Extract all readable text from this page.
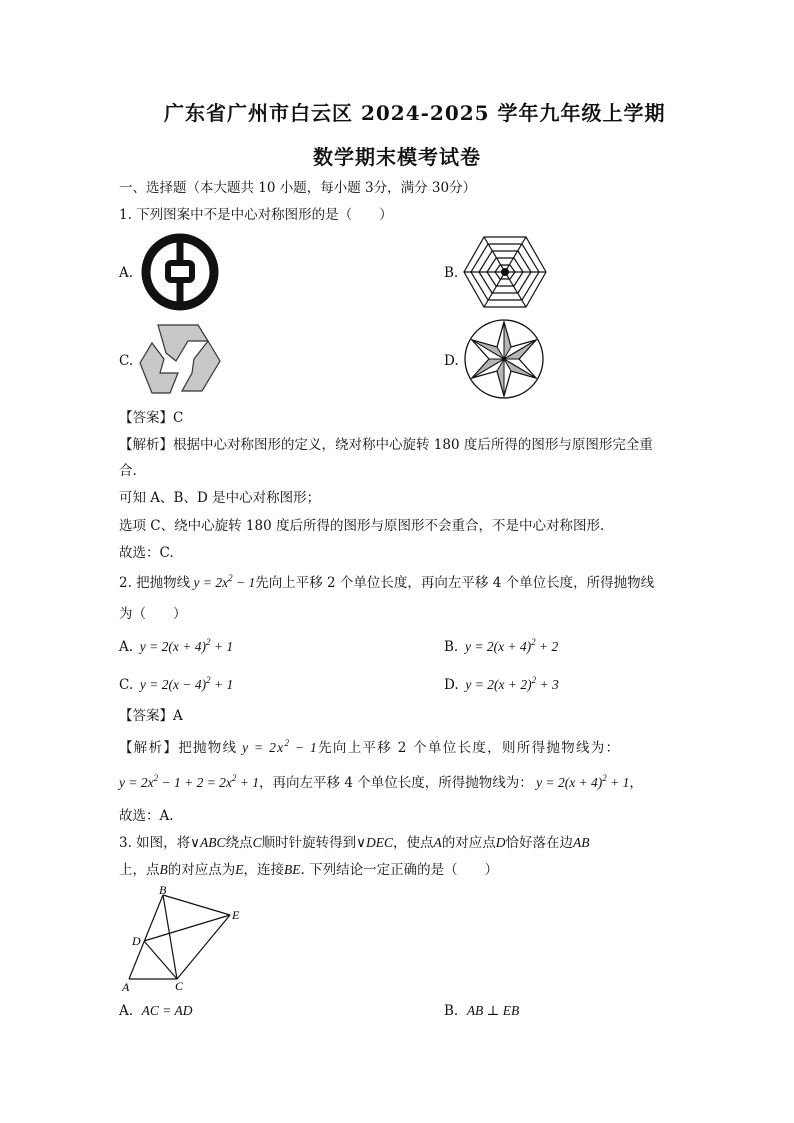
广东省广州市白云区 2024-2025 学年九年级上学期
数学期末模考试卷
一、选择题（本大题共 10 小题，每小题 3分，满分 30分）
1. 下列图案中不是中心对称图形的是（　　）
A.	B.
C.	D.
【答案】C
【解析】根据中心对称图形的定义，绕对称中心旋转 180 度后所得的图形与原图形完全重
合.
可知 A、B、D 是中心对称图形；
选项 C、绕中心旋转 180 度后所得的图形与原图形不会重合，不是中心对称图形.
故选：C.
2. 把抛物线 $y = 2x^2 - 1$先向上平移 2 个单位长度，再向左平移 4 个单位长度，所得抛物线
为（　　）
A.  $y = 2(x + 4)^2 + 1$	B.  $y = 2(x + 4)^2 + 2$
C.  $y = 2(x - 4)^2 + 1$	D.  $y = 2(x + 2)^2 + 3$
【答案】A
【解析】把抛物线 $y = 2x^2 - 1$先向上平移 2 个单位长度，则所得抛物线为：
$y = 2x^2 - 1 + 2 = 2x^2 + 1$，再向左平移 4 个单位长度，所得抛物线为： $y = 2(x + 4)^2 + 1$，
故选：A.
3. 如图，将∨ABC绕点C顺时针旋转得到∨DEC，使点A的对应点D恰好落在边AB
上，点B的对应点为E，连接BE. 下列结论一定正确的是（　　）
B
E
D
A	C
A. AC = AD	B. AB ⊥ EB
